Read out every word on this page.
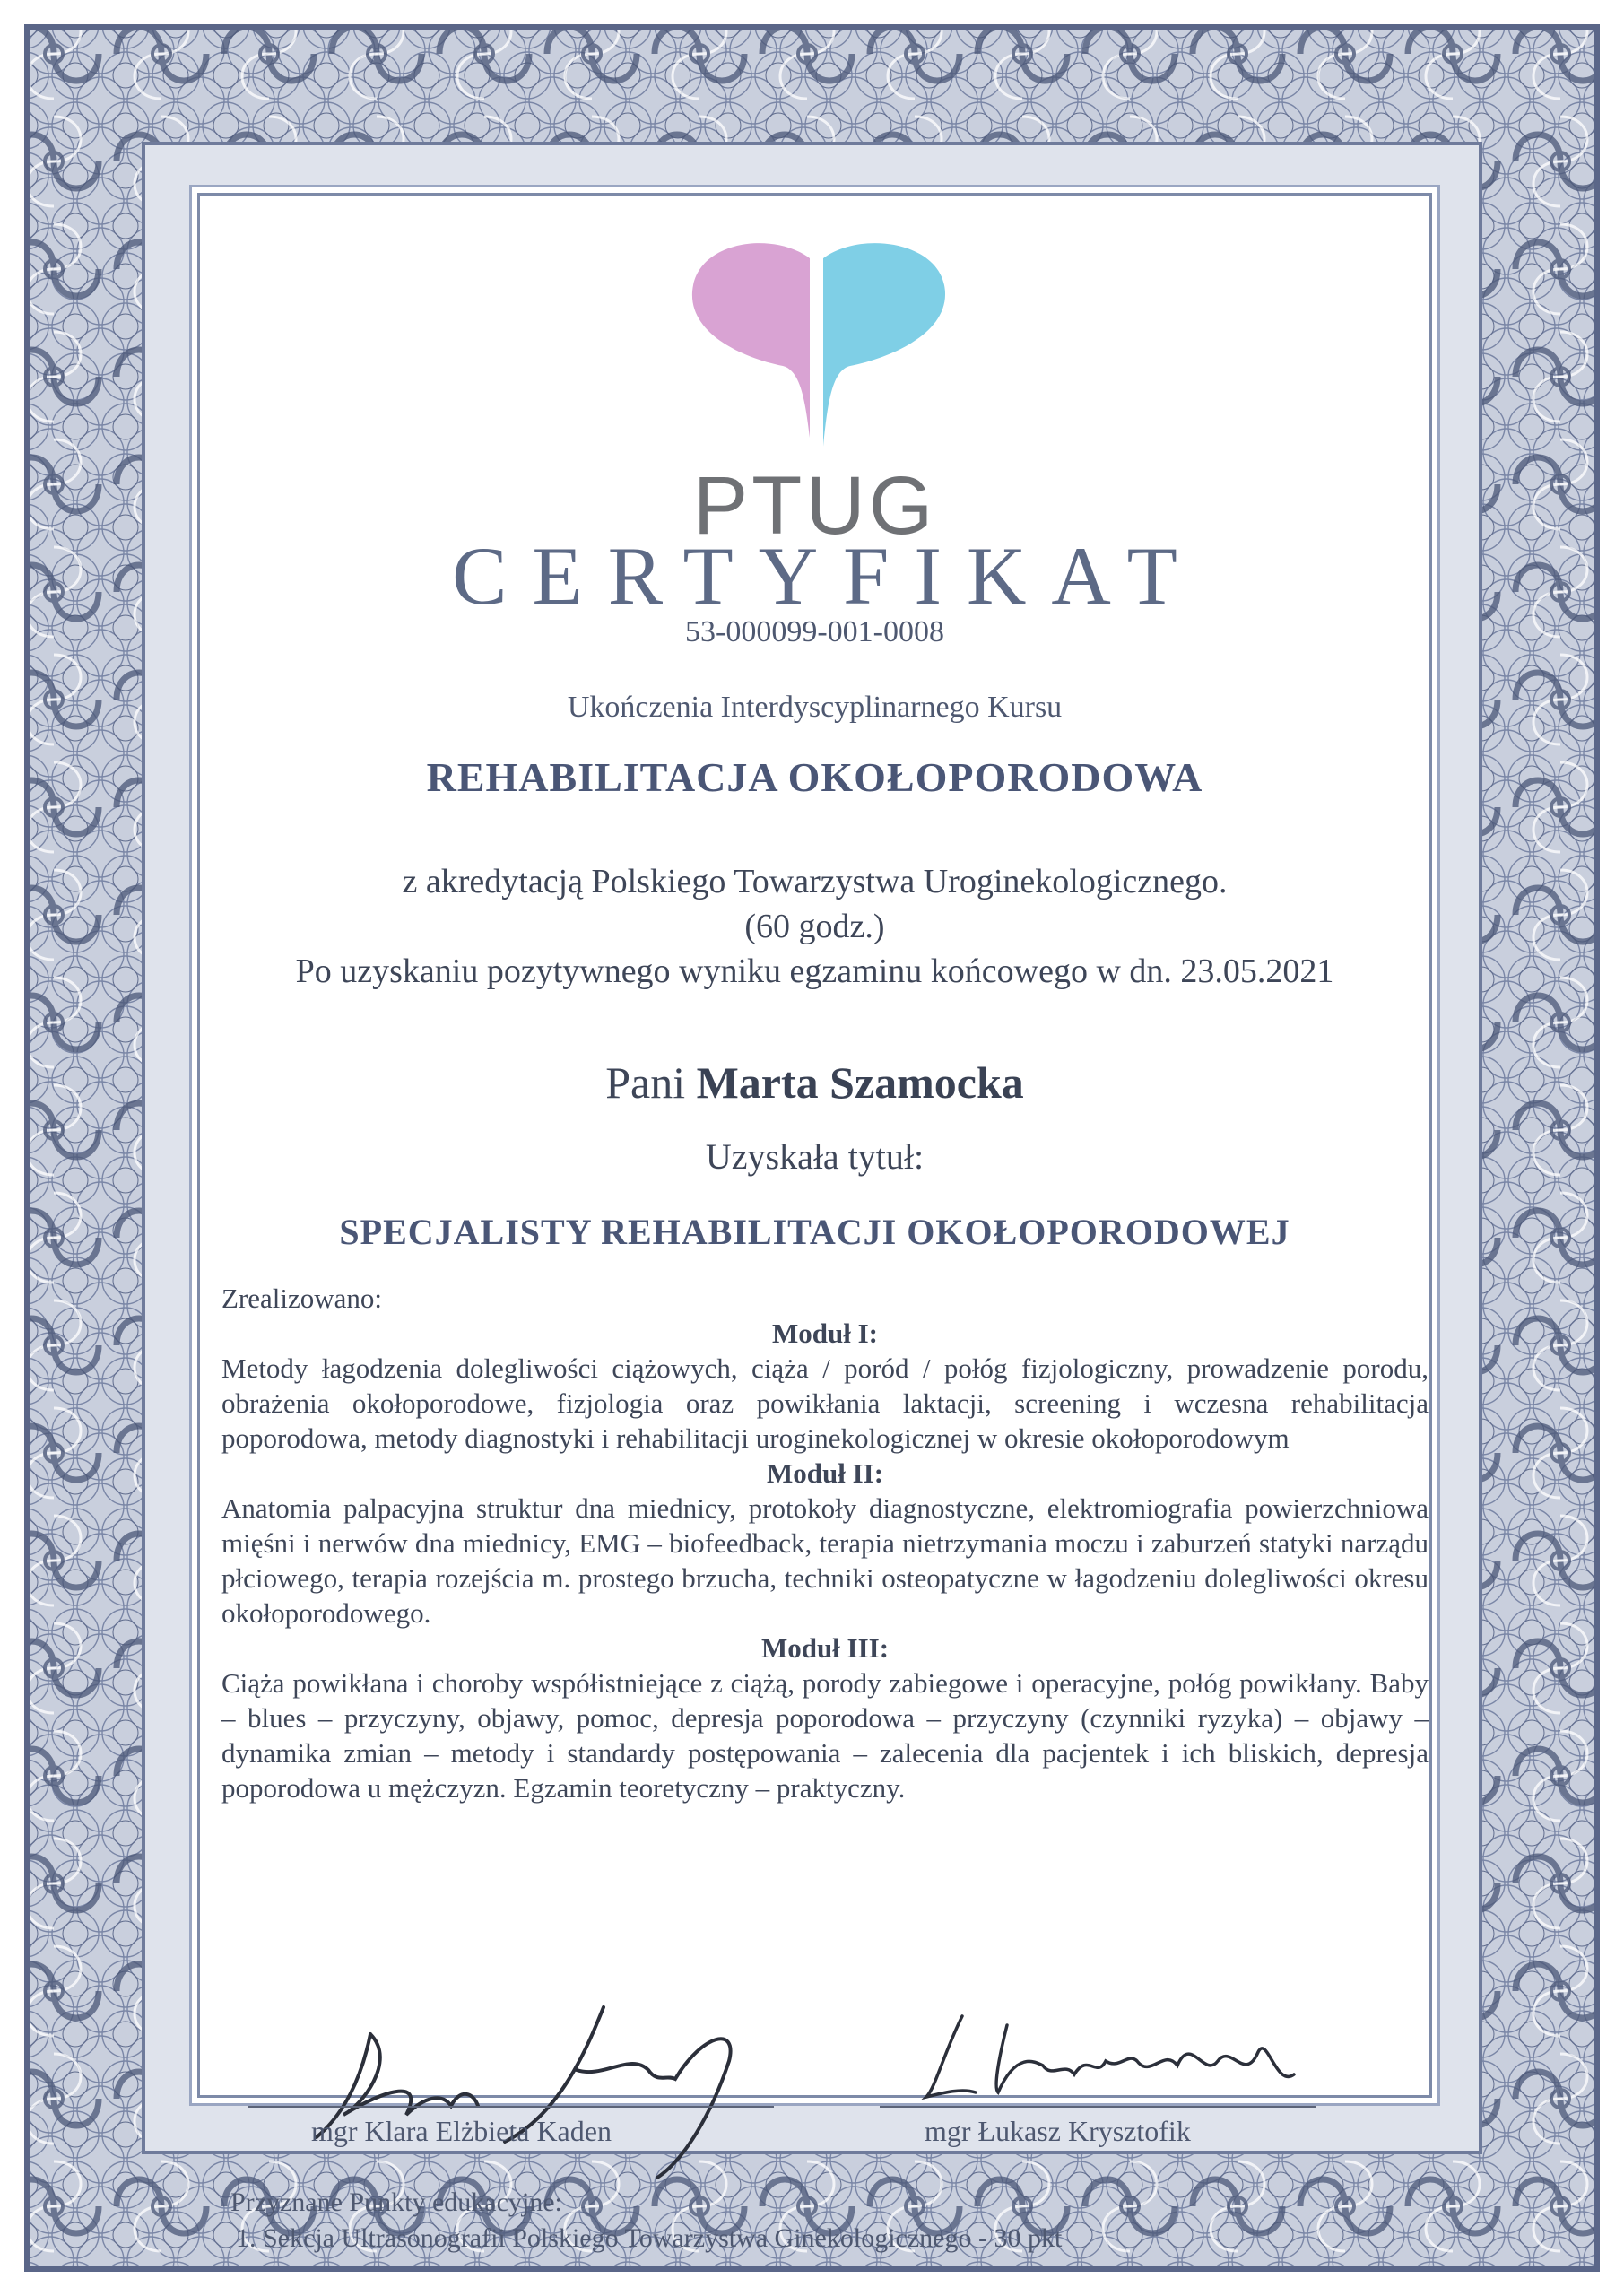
PTUG
CERTYFIKAT
53-000099-001-0008
Ukończenia Interdyscyplinarnego Kursu
REHABILITACJA OKOŁOPORODOWA
z akredytacją Polskiego Towarzystwa Uroginekologicznego.
(60 godz.)
Po uzyskaniu pozytywnego wyniku egzaminu końcowego w dn. 23.05.2021
Pani Marta Szamocka
Uzyskała tytuł:
SPECJALISTY REHABILITACJI OKOŁOPORODOWEJ
Zrealizowano:
Moduł I:
Metody łagodzenia dolegliwości ciążowych, ciąża / poród / połóg fizjologiczny, prowadzenie porodu, obrażenia okołoporodowe, fizjologia oraz powikłania laktacji, screening i wczesna rehabilitacja poporodowa, metody diagnostyki i rehabilitacji uroginekologicznej w okresie okołoporodowym
Moduł II:
Anatomia palpacyjna struktur dna miednicy, protokoły diagnostyczne, elektromiografia powierzchniowa mięśni i nerwów dna miednicy, EMG – biofeedback, terapia nietrzymania moczu i zaburzeń statyki narządu płciowego, terapia rozejścia m. prostego brzucha, techniki osteopatyczne w łagodzeniu dolegliwości okresu okołoporodowego.
Moduł III:
Ciąża powikłana i choroby współistniejące z ciążą, porody zabiegowe i operacyjne, połóg powikłany. Baby – blues – przyczyny, objawy, pomoc, depresja poporodowa – przyczyny (czynniki ryzyka) – objawy – dynamika zmian – metody i standardy postępowania – zalecenia dla pacjentek i ich bliskich, depresja poporodowa u mężczyzn. Egzamin teoretyczny – praktyczny.
mgr Klara Elżbieta Kaden	mgr Łukasz Krysztofik
Przyznane Punkty edukacyjne:
1. Sekcja Ultrasonografii Polskiego Towarzystwa Ginekologicznego - 30 pkt
